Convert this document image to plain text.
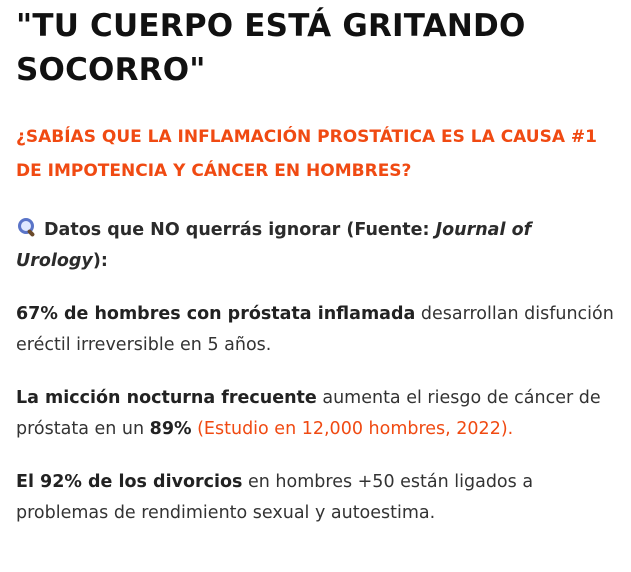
"TU CUERPO ESTÁ GRITANDO SOCORRO"

¿SABÍAS QUE LA INFLAMACIÓN PROSTÁTICA ES LA CAUSA #1 DE IMPOTENCIA Y CÁNCER EN HOMBRES?

Datos que NO querrás ignorar (Fuente: Journal of Urology):

67% de hombres con próstata inflamada desarrollan disfunción eréctil irreversible en 5 años.

La micción nocturna frecuente aumenta el riesgo de cáncer de próstata en un 89% (Estudio en 12,000 hombres, 2022).

El 92% de los divorcios en hombres +50 están ligados a problemas de rendimiento sexual y autoestima.
